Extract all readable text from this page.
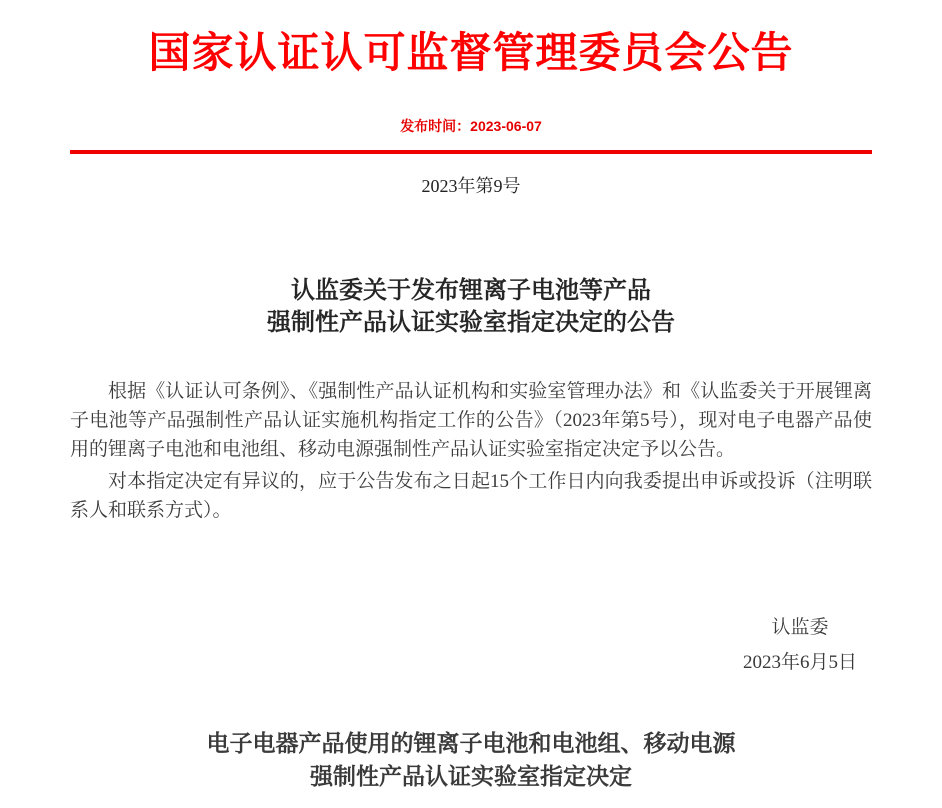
国家认证认可监督管理委员会公告
发布时间：2023-06-07
2023年第9号
认监委关于发布锂离子电池等产品
强制性产品认证实验室指定决定的公告

根据《认证认可条例》、《强制性产品认证机构和实验室管理办法》和《认监委关于开展锂离子电池等产品强制性产品认证实施机构指定工作的公告》（2023年第5号），现对电子电器产品使用的锂离子电池和电池组、移动电源强制性产品认证实验室指定决定予以公告。

对本指定决定有异议的，应于公告发布之日起15个工作日内向我委提出申诉或投诉（注明联系人和联系方式）。

认监委
2023年6月5日
电子电器产品使用的锂离子电池和电池组、移动电源
强制性产品认证实验室指定决定
